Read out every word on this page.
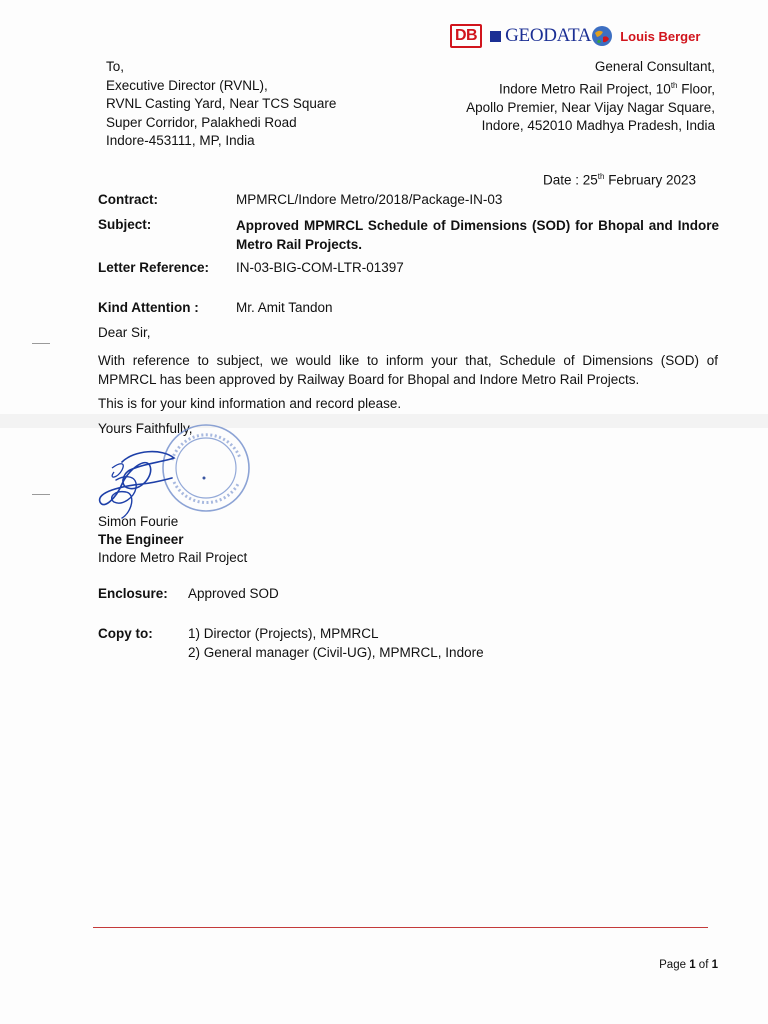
DB GEODATA Louis Berger
To,
Executive Director (RVNL),
RVNL Casting Yard, Near TCS Square
Super Corridor, Palakhedi Road
Indore-453111, MP, India
General Consultant,
Indore Metro Rail Project, 10th Floor,
Apollo Premier, Near Vijay Nagar Square,
Indore, 452010 Madhya Pradesh, India
Date : 25th February 2023
Contract:	MPMRCL/Indore Metro/2018/Package-IN-03
Subject:	Approved MPMRCL Schedule of Dimensions (SOD) for Bhopal and Indore Metro Rail Projects.
Letter Reference: IN-03-BIG-COM-LTR-01397
Kind Attention :	Mr. Amit Tandon
Dear Sir,
With reference to subject, we would like to inform your that, Schedule of Dimensions (SOD) of MPMRCL has been approved by Railway Board for Bhopal and Indore Metro Rail Projects.
This is for your kind information and record please.
Yours Faithfully,
Simon Fourie
The Engineer
Indore Metro Rail Project
Enclosure: Approved SOD
Copy to:	1) Director (Projects), MPMRCL
2) General manager (Civil-UG), MPMRCL, Indore
Page 1 of 1
